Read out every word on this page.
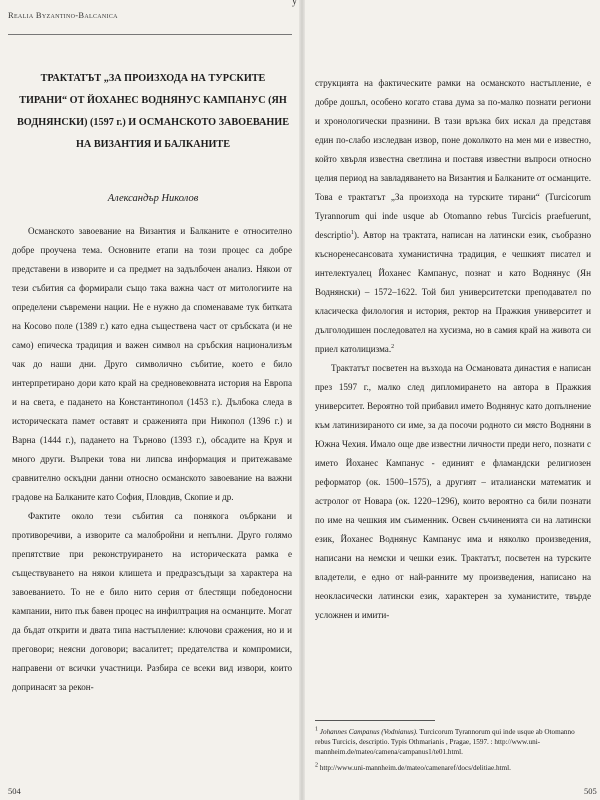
y
Realia Byzantino-Balcanica
ТРАКТАТЪТ „ЗА ПРОИЗХОДА НА ТУРСКИТЕ ТИРАНИ“ ОТ ЙОХАНЕС ВОДНЯНУС КАМПАНУС (ЯН ВОДНЯНСКИ) (1597 г.) И ОСМАНСКОТО ЗАВОЕВАНИЕ НА ВИЗАНТИЯ И БАЛКАНИТЕ
Александър Николов

Османското завоевание на Византия и Балканите е относително добре проучена тема. Основните етапи на този процес са добре представени в изворите и са предмет на задълбочен анализ. Някои от тези събития са формирали също така важна част от митологиите на определени съвремени нации. Не е нужно да споменаваме тук битката на Косово поле (1389 г.) като една съществена част от сръбската (и не само) епическа традиция и важен символ на сръбския национализъм чак до наши дни. Друго символично събитие, което е било интерпретирано дори като край на средновековната история на Европа и на света, е падането на Константинопол (1453 г.). Дълбока следа в историческата памет оставят и сраженията при Никопол (1396 г.) и Варна (1444 г.), падането на Търново (1393 г.), обсадите на Круя и много други. Въпреки това ни липсва информация и притежаваме сравнително оскъдни данни относно османското завоевание на важни градове на Балканите като София, Пловдив, Скопие и др.

Фактите около тези събития са понякога оъбркани и противоречиви, а изворите са малобройни и непълни. Друго голямо препятствие при реконструирането на историческата рамка е съществуването на някои клишета и предразсъдъци за характера на завоеванието. То не е било нито серия от блестящи победоносни кампании, нито пък бавен процес на инфилтрация на османците. Могат да бъдат открити и двата типа настъпление: ключови сражения, но и и преговори; неясни договори; васалитет; предателства и компромиси, направени от всички участници. Разбира се всеки вид извори, които допринасят за рекон-

504

струкцията на фактическите рамки на османското настъпление, е добре дошъл, особено когато става дума за по-малко познати региони и хронологически празнини. В тази връзка бих искал да представя един по-слабо изследван извор, поне доколкото на мен ми е известно, който хвърля известна светлина и поставя известни въпроси относно целия период на завладяването на Византия и Балканите от османците. Това е трактатът „За произхода на турските тирани“ (Turcicorum Tyrannorum qui inde usque ab Otomanno rebus Turcicis praefuerunt, descriptio$^1$). Автор на трактата, написан на латински език, съобразно късноренесансовата хуманистична традиция, е чешкият писател и интелектуалец Йоханес Кампанус, познат и като Воднянус (Ян Воднянски) – 1572–1622. Той бил университетски преподавател по класическа филология и история, ректор на Пражкия университет и дълголодишен последовател на хусизма, но в самия край на живота си приел католицизма.$^2$

Трактатът посветен на възхода на Османовата династия е написан през 1597 г., малко след дипломирането на автора в Пражкия университет. Вероятно той прибавил името Воднянус като допълнение към латинизираното си име, за да посочи родното си място Водняни в Южна Чехия. Имало още две известни личности преди него, познати с името Йоханес Кампанус - единият е фламандски религиозен реформатор (ок. 1500–1575), а другият – италиански математик и астролог от Новара (ок. 1220–1296), които вероятно са били познати по име на чешкия им съименник. Освен съчиненията си на латински език, Йоханес Воднянус Кампанус има и няколко произведения, написани на немски и чешки език. Трактатът, посветен на турските владетели, е едно от най-ранните му произведения, написано на неокласически латински език, характерен за хуманистите, твърде усложнен и имити-

$^1$ Johannes Campanus (Vodnianus). Turcicorum Tyrannorum qui inde usque ab Otomanno rebus Turcicis, descriptio. Typis Othmarianis , Pragae, 1597. : http://www.uni-mannheim.de/mateo/camena/campanus1/te01.html.

$^2$ http://www.uni-mannheim.de/mateo/camenaref/docs/delitiae.html.

505
